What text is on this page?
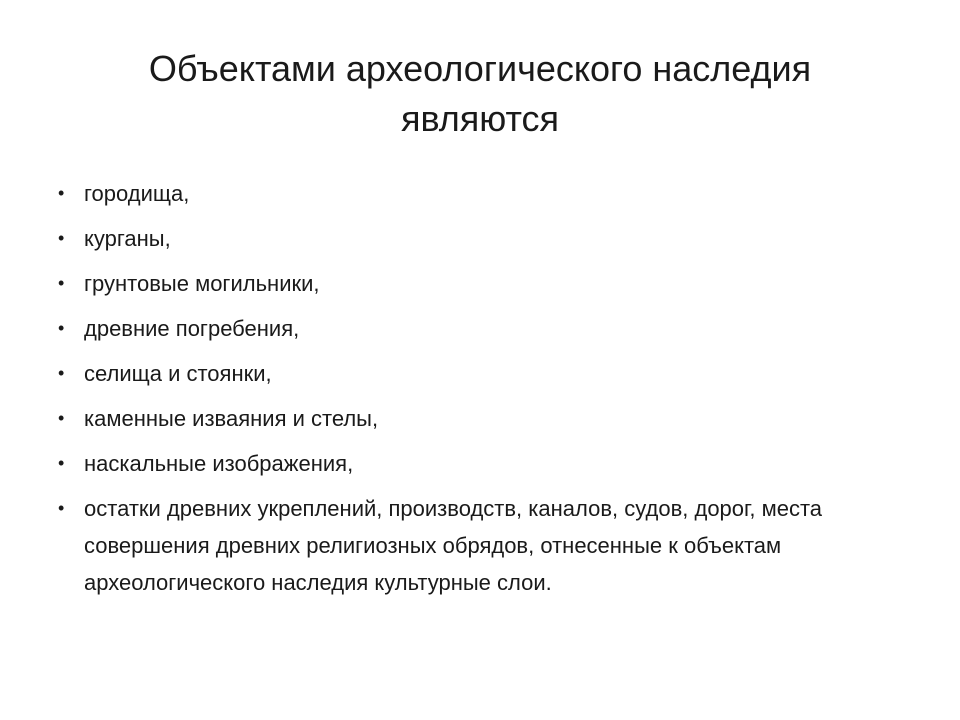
Объектами археологического наследия
являются
• городища,
• курганы,
• грунтовые могильники,
• древние погребения,
• селища и стоянки,
• каменные изваяния и стелы,
• наскальные изображения,
• остатки древних укреплений, производств, каналов, судов, дорог, места совершения древних религиозных обрядов, отнесенные к объектам археологического наследия культурные слои.
